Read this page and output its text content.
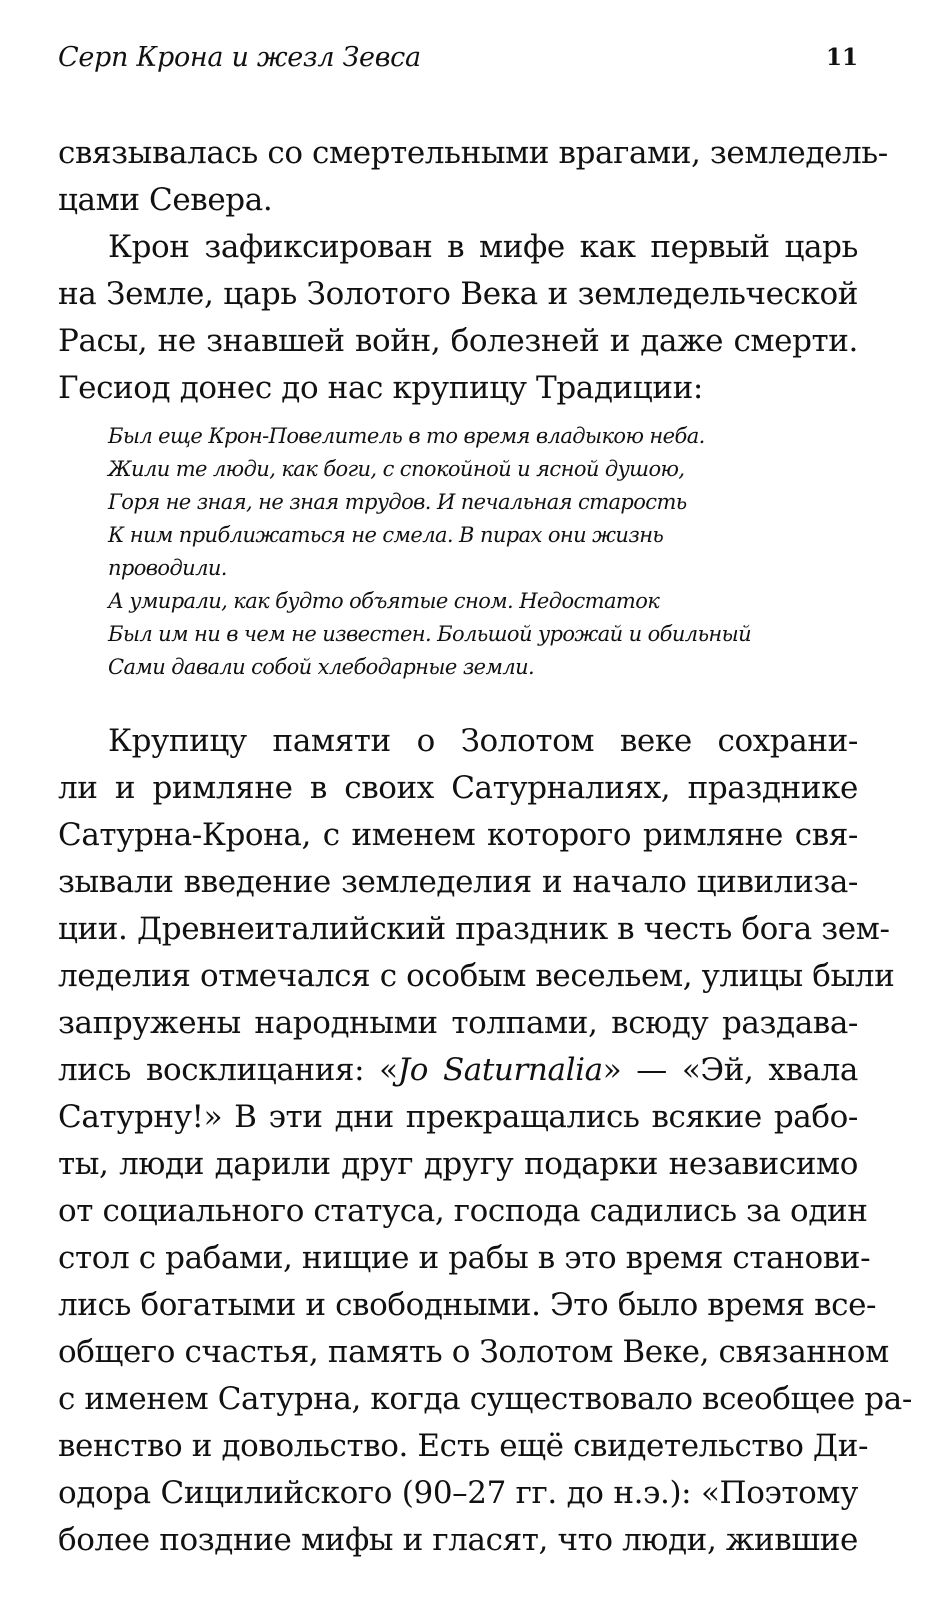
Серп Крона и жезл Зевса	11
связывалась со смертельными врагами, земледель-
цами Севера.
Крон зафиксирован в мифе как первый царь
на Земле, царь Золотого Века и земледельческой
Расы, не знавшей войн, болезней и даже смерти.
Гесиод донес до нас крупицу Традиции:
Был еще Крон-Повелитель в то время владыкою неба.
Жили те люди, как боги, с спокойной и ясной душою,
Горя не зная, не зная трудов. И печальная старость
К ним приближаться не смела. В пирах они жизнь
проводили.
А умирали, как будто объятые сном. Недостаток
Был им ни в чем не известен. Большой урожай и обильный
Сами давали собой хлебодарные земли.
Крупицу памяти о Золотом веке сохрани-
ли и римляне в своих Сатурналиях, празднике
Сатурна-Крона, с именем которого римляне свя-
зывали введение земледелия и начало цивилиза-
ции. Древнеиталийский праздник в честь бога зем-
леделия отмечался с особым весельем, улицы были
запружены народными толпами, всюду раздава-
лись восклицания: «Jo Saturnalia» — «Эй, хвала
Сатурну!» В эти дни прекращались всякие рабо-
ты, люди дарили друг другу подарки независимо
от социального статуса, господа садились за один
стол с рабами, нищие и рабы в это время станови-
лись богатыми и свободными. Это было время все-
общего счастья, память о Золотом Веке, связанном
с именем Сатурна, когда существовало всеобщее ра-
венство и довольство. Есть ещё свидетельство Ди-
одора Сицилийского (90–27 гг. до н.э.): «Поэтому
более поздние мифы и гласят, что люди, жившие
